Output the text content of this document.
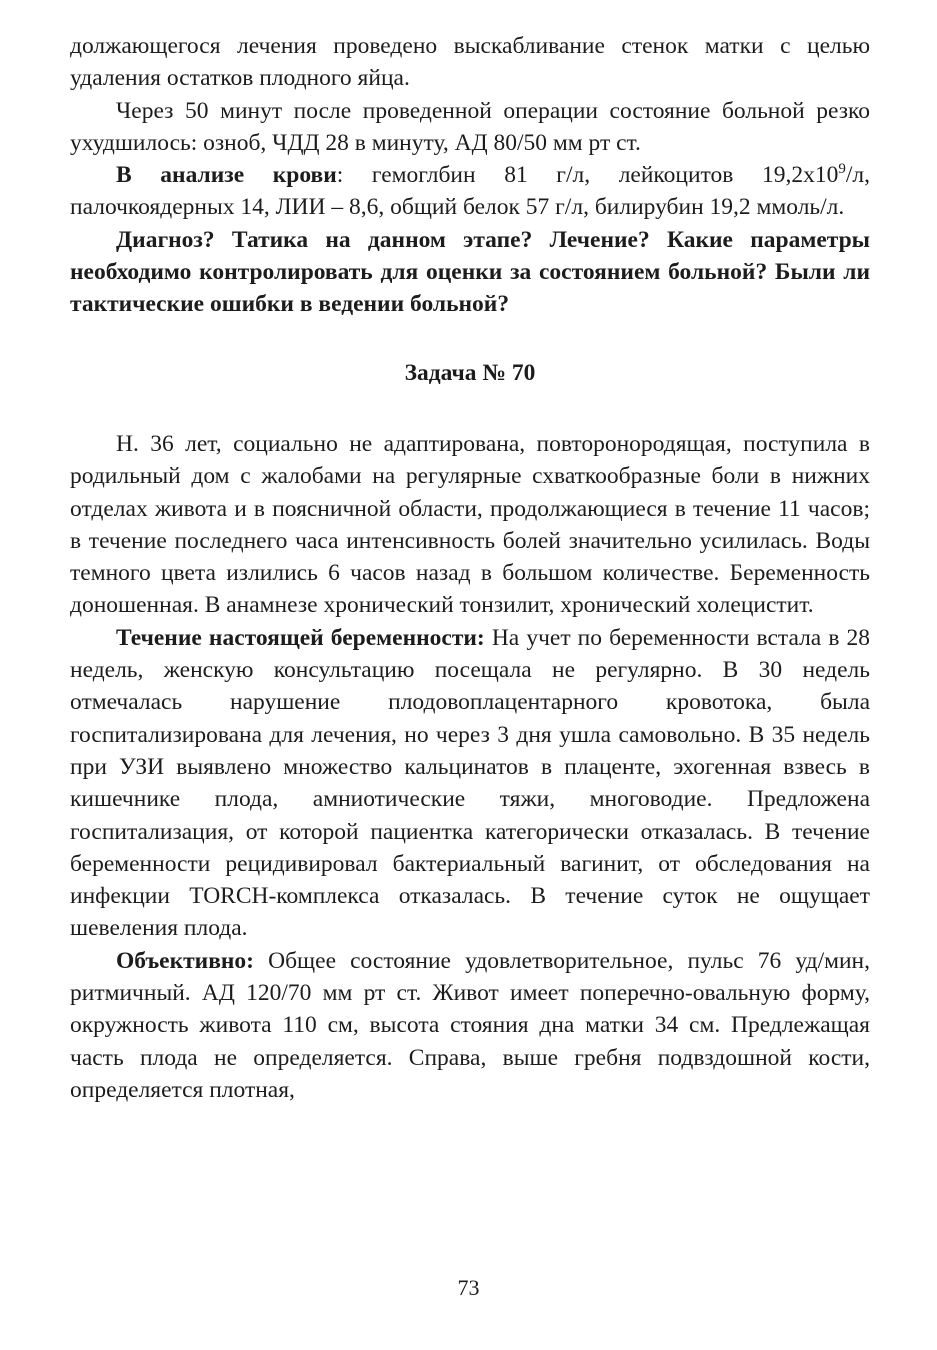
должающегося лечения проведено выскабливание стенок матки с целью удаления остатков плодного яйца.

Через 50 минут после проведенной операции состояние больной резко ухудшилось: озноб, ЧДД 28 в минуту, АД 80/50 мм рт ст.

В анализе крови: гемоглбин 81 г/л, лейкоцитов $19,2х10^9/л$, палочкоядерных 14, ЛИИ – 8,6, общий белок 57 г/л, билирубин 19,2 ммоль/л.

Диагноз? Татика на данном этапе? Лечение? Какие параметры необходимо контролировать для оценки за состоянием больной? Были ли тактические ошибки в ведении больной?

Задача № 70

Н. 36 лет, социально не адаптирована, повторонородящая, поступила в родильный дом с жалобами на регулярные схваткообразные боли в нижних отделах живота и в поясничной области, продолжающиеся в течение 11 часов; в течение последнего часа интенсивность болей значительно усилилась. Воды темного цвета излились 6 часов назад в большом количестве. Беременность доношенная. В анамнезе хронический тонзилит, хронический холецистит.

Течение настоящей беременности: На учет по беременности встала в 28 недель, женскую консультацию посещала не регулярно. В 30 недель отмечалась нарушение плодовоплацентарного кровотока, была госпитализирована для лечения, но через 3 дня ушла самовольно. В 35 недель при УЗИ выявлено множество кальцинатов в плаценте, эхогенная взвесь в кишечнике плода, амниотические тяжи, многоводие. Предложена госпитализация, от которой пациентка категорически отказалась. В течение беременности рецидивировал бактериальный вагинит, от обследования на инфекции TORCH-комплекса отказалась. В течение суток не ощущает шевеления плода.

Объективно: Общее состояние удовлетворительное, пульс 76 уд/мин, ритмичный. АД 120/70 мм рт ст. Живот имеет поперечно-овальную форму, окружность живота 110 см, высота стояния дна матки 34 см. Предлежащая часть плода не определяется. Справа, выше гребня подвздошной кости, определяется плотная,

73
